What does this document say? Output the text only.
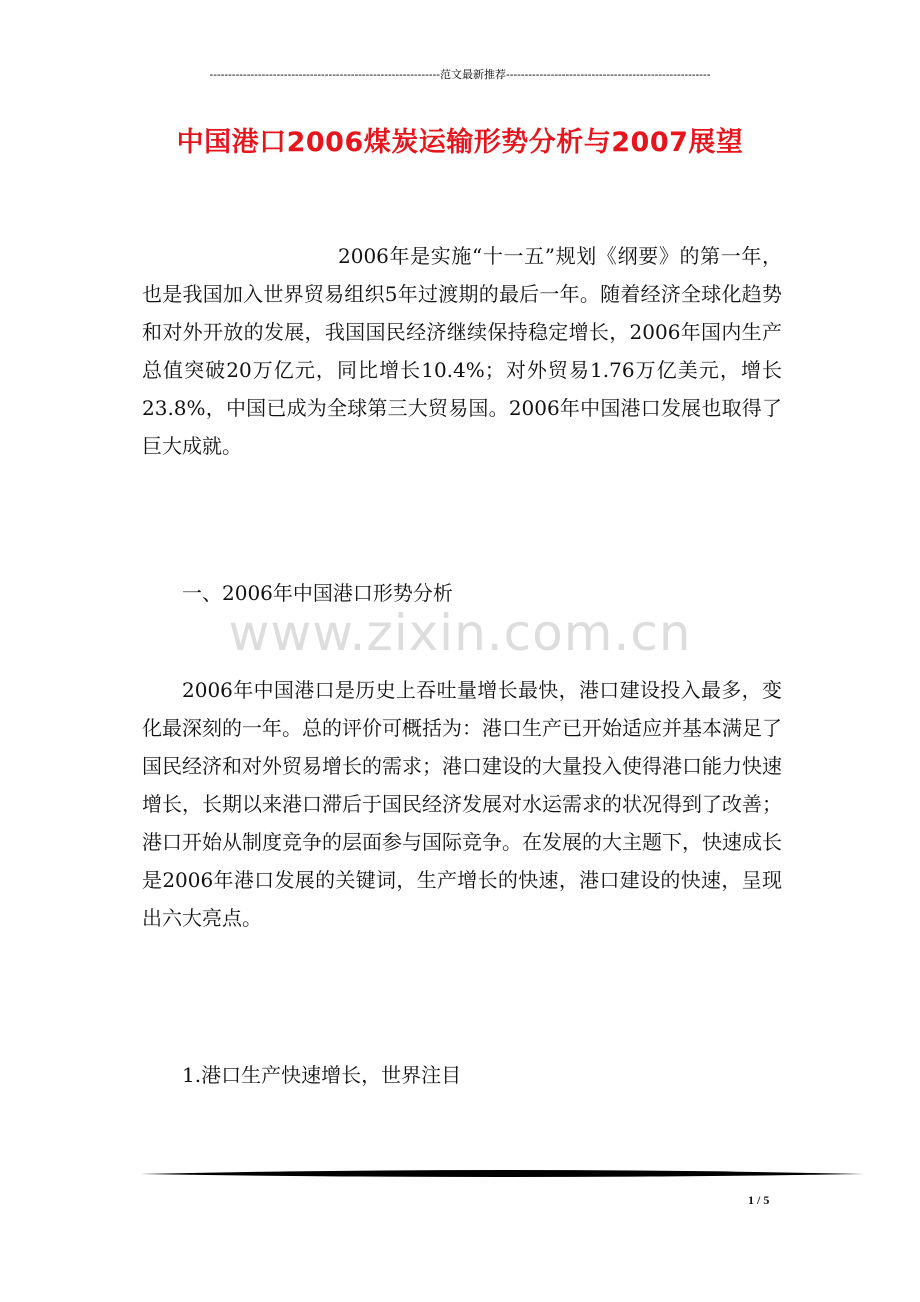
--------------------------------------------------------------范文最新推荐-------------------------------------------------------
中国港口2006煤炭运输形势分析与2007展望

2006年是实施“十一五”规划《纲要》的第一年，也是我国加入世界贸易组织5年过渡期的最后一年。随着经济全球化趋势和对外开放的发展，我国国民经济继续保持稳定增长，2006年国内生产总值突破20万亿元，同比增长10.4%；对外贸易1.76万亿美元，增长23.8%，中国已成为全球第三大贸易国。2006年中国港口发展也取得了巨大成就。

一、2006年中国港口形势分析
www.zixin.com.cn

2006年中国港口是历史上吞吐量增长最快，港口建设投入最多，变化最深刻的一年。总的评价可概括为：港口生产已开始适应并基本满足了国民经济和对外贸易增长的需求；港口建设的大量投入使得港口能力快速增长，长期以来港口滞后于国民经济发展对水运需求的状况得到了改善；港口开始从制度竞争的层面参与国际竞争。在发展的大主题下，快速成长是2006年港口发展的关键词，生产增长的快速，港口建设的快速，呈现出六大亮点。

1.港口生产快速增长，世界注目
1 / 5
